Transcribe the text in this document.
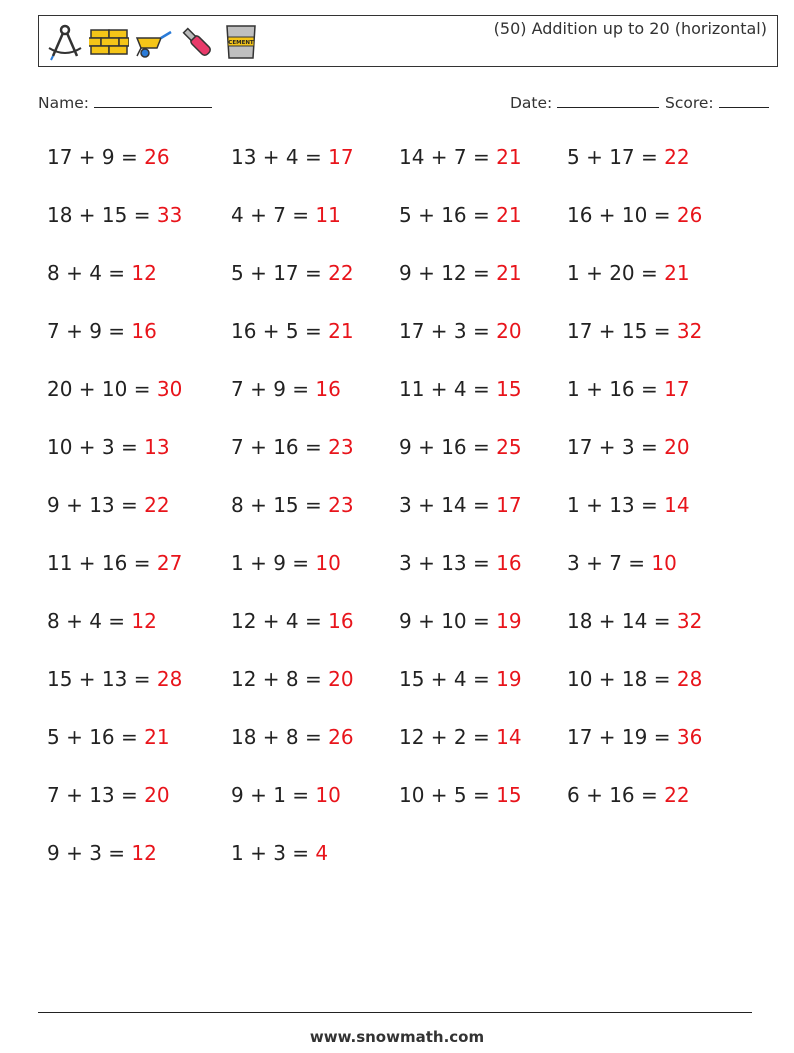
CEMENT
(50) Addition up to 20 (horizontal)
Name:	Date:	Score:
17 + 9 = 26
18 + 15 = 33
8 + 4 = 12
7 + 9 = 16
20 + 10 = 30
10 + 3 = 13
9 + 13 = 22
11 + 16 = 27
8 + 4 = 12
15 + 13 = 28
5 + 16 = 21
7 + 13 = 20
9 + 3 = 12
13 + 4 = 17
4 + 7 = 11
5 + 17 = 22
16 + 5 = 21
7 + 9 = 16
7 + 16 = 23
8 + 15 = 23
1 + 9 = 10
12 + 4 = 16
12 + 8 = 20
18 + 8 = 26
9 + 1 = 10
1 + 3 = 4
14 + 7 = 21
5 + 16 = 21
9 + 12 = 21
17 + 3 = 20
11 + 4 = 15
9 + 16 = 25
3 + 14 = 17
3 + 13 = 16
9 + 10 = 19
15 + 4 = 19
12 + 2 = 14
10 + 5 = 15
5 + 17 = 22
16 + 10 = 26
1 + 20 = 21
17 + 15 = 32
1 + 16 = 17
17 + 3 = 20
1 + 13 = 14
3 + 7 = 10
18 + 14 = 32
10 + 18 = 28
17 + 19 = 36
6 + 16 = 22
www.snowmath.com
